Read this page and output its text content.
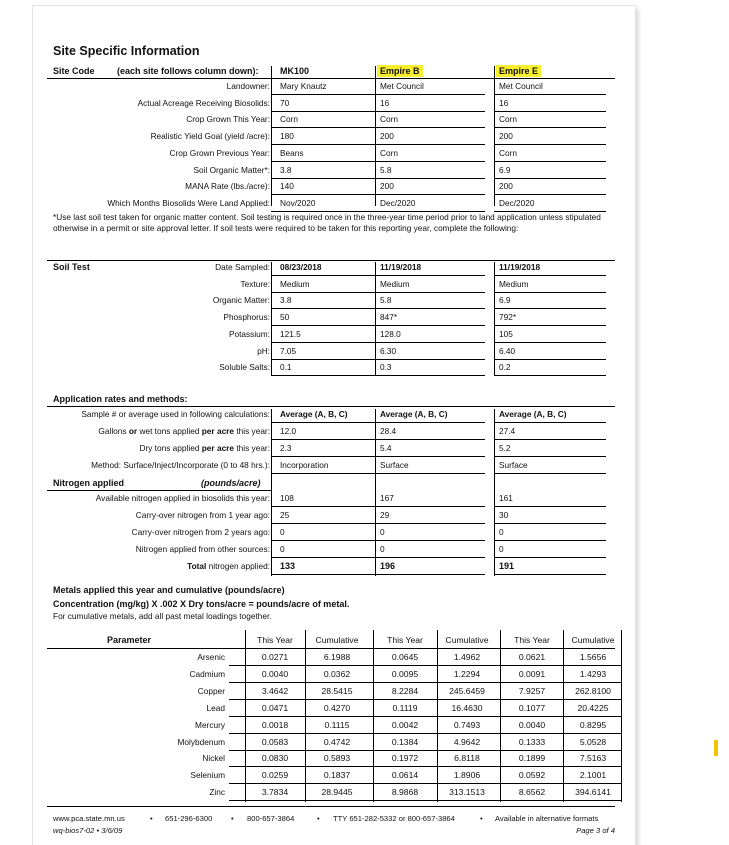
Site Specific Information
Site Code (each site follows column down): MK100	Empire B	Empire E
Landowner: Mary Knautz	Met Council	Met Council
Actual Acreage Receiving Biosolids: 70	16	16
Crop Grown This Year: Corn	Corn	Corn
Realistic Yield Goal (yield /acre): 180	200	200
Crop Grown Previous Year: Beans	Corn	Corn
Soil Organic Matter*: 3.8	5.8	6.9
MANA Rate (lbs./acre): 140	200	200
Which Months Biosolids Were Land Applied: Nov/2020	Dec/2020	Dec/2020
*Use last soil test taken for organic matter content. Soil testing is required once in the three-year time period prior to land application unless stipulated otherwise in a permit or site approval letter. If soil tests were required to be taken for this reporting year, complete the following:
Soil Test	Date Sampled: 08/23/2018	11/19/2018	11/19/2018
Texture: Medium	Medium	Medium
Organic Matter: 3.8	5.8	6.9
Phosphorus: 50	847*	792*
Potassium: 121.5	128.0	105
pH: 7.05	6.30	6.40
Soluble Salts: 0.1	0.3	0.2
Application rates and methods:
Sample # or average used in following calculations: Average (A, B, C)	Average (A, B, C)	Average (A, B, C)
Gallons or wet tons applied per acre this year: 12.0	28.4	27.4
Dry tons applied per acre this year: 2.3	5.4	5.2
Method: Surface/Inject/Incorporate (0 to 48 hrs.): Incorporation	Surface	Surface
Nitrogen applied	(pounds/acre)
Available nitrogen applied in biosolids this year: 108	167	161
Carry-over nitrogen from 1 year ago: 25	29	30
Carry-over nitrogen from 2 years ago: 0	0	0
Nitrogen applied from other sources: 0	0	0
Total nitrogen applied: 133	196	191
Metals applied this year and cumulative (pounds/acre)
Concentration (mg/kg) X .002 X Dry tons/acre = pounds/acre of metal.
For cumulative metals, add all past metal loadings together.
Parameter	This Year	Cumulative	This Year	Cumulative	This Year	Cumulative
Arsenic	0.0271	6.1988	0.0645	1.4962	0.0621	1.5656
Cadmium	0.0040	0.0362	0.0095	1.2294	0.0091	1.4293
Copper	3.4642	28.5415	8.2284	245.6459	7.9257	262.8100
Lead	0.0471	0.4270	0.1119	16.4630	0.1077	20.4225
Mercury	0.0018	0.1115	0.0042	0.7493	0.0040	0.8295
Molybdenum	0.0583	0.4742	0.1384	4.9642	0.1333	5.0528
Nickel	0.0830	0.5893	0.1972	6.8118	0.1899	7.5163
Selenium	0.0259	0.1837	0.0614	1.8906	0.0592	2.1001
Zinc	3.7834	28.9445	8.9868	313.1513	8.6562	394.6141
www.pca.state.mn.us	• 651-296-6300 • 800-657-3864	• TTY 651-282-5332 or 800-657-3864	• Available in alternative formats
wq-bios7-02 • 3/6/09	Page 3 of 4
